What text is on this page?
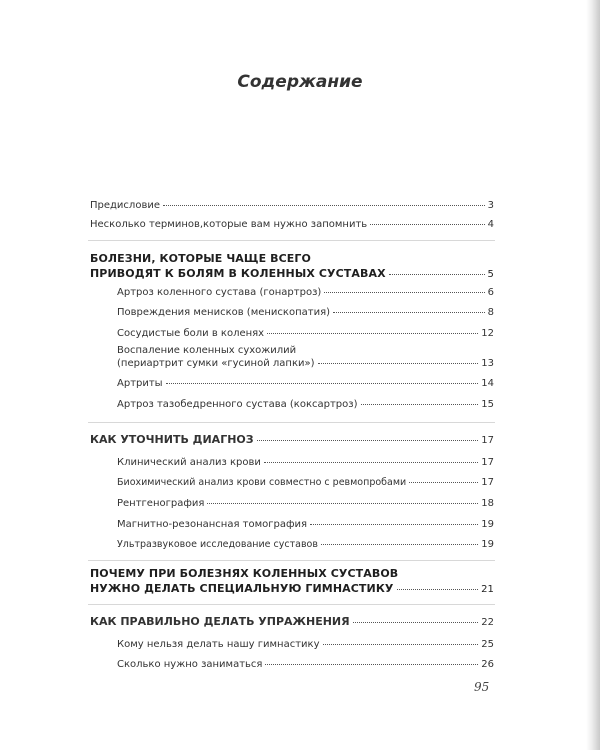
Содержание
Предисловие	3
Несколько терминов,которые вам нужно запомнить	4
БОЛЕЗНИ, КОТОРЫЕ ЧАЩЕ ВСЕГО
ПРИВОДЯТ К БОЛЯМ В КОЛЕННЫХ СУСТАВАХ	5
Артроз коленного сустава (гонартроз)	6
Повреждения менисков (менископатия)	8
Сосудистые боли в коленях	12
Воспаление коленных сухожилий
(периартрит сумки «гусиной лапки»)	13
Артриты	14
Артроз тазобедренного сустава (коксартроз)	15
КАК УТОЧНИТЬ ДИАГНОЗ	17
Клинический анализ крови	17
Биохимический анализ крови совместно с ревмопробами	17
Рентгенография	18
Магнитно-резонансная томография	19
Ультразвуковое исследование суставов	19
ПОЧЕМУ ПРИ БОЛЕЗНЯХ КОЛЕННЫХ СУСТАВОВ
НУЖНО ДЕЛАТЬ СПЕЦИАЛЬНУЮ ГИМНАСТИКУ	21
КАК ПРАВИЛЬНО ДЕЛАТЬ УПРАЖНЕНИЯ	22
Кому нельзя делать нашу гимнастику	25
Сколько нужно заниматься	26
95
